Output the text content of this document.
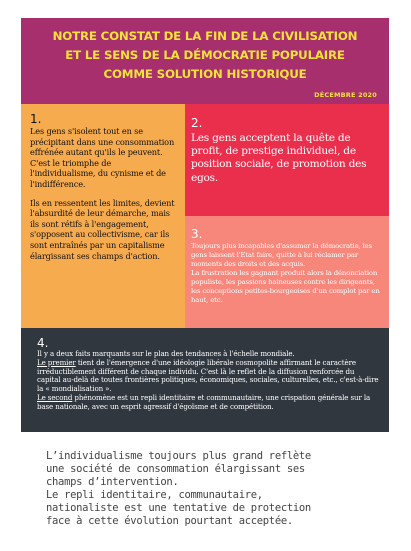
NOTRE CONSTAT DE LA FIN DE LA CIVILISATION
ET LE SENS DE LA DÉMOCRATIE POPULAIRE
COMME SOLUTION HISTORIQUE
DÉCEMBRE 2020
1.

Les gens s'isolent tout en se précipitant dans une consommation effrénée autant qu'ils le peuvent. C'est le triomphe de l'individualisme, du cynisme et de l'indifférence.

Ils en ressentent les limites, devient l'absurdité de leur démarche, mais ils sont rétifs à l'engagement, s'opposent au collectivisme, car ils sont entraînés par un capitalisme élargissant ses champs d'action.

2.

Les gens acceptent la quête de profit, de prestige individuel, de position sociale, de promotion des egos.

3.

Toujours plus incapables d'assumer la démocratie, les gens laissent l'Etat faire, quitte à lui réclamer par moments des droits et des acquis.

La frustration les gagnant produit alors la dénonciation populiste, les passions haineuses contre les dirigeants, les conceptions petites-bourgeoises d'un complot par en haut, etc.

4.

Il y a deux faits marquants sur le plan des tendances à l'échelle mondiale.

Le premier tient de l'émergence d'une idéologie libérale cosmopolite affirmant le caractère irréductiblement différent de chaque individu. C'est là le reflet de la diffusion renforcée du capital au-delà de toutes frontières politiques, économiques, sociales, culturelles, etc., c'est-à-dire la « mondialisation ».

Le second phénomène est un repli identitaire et communautaire, une crispation générale sur la base nationale, avec un esprit agressif d'égoïsme et de compétition.

L’individualisme toujours plus grand reflète
une société de consommation élargissant ses
champs d’intervention.
Le repli identitaire, communautaire,
nationaliste est une tentative de protection
face à cette évolution pourtant acceptée.
